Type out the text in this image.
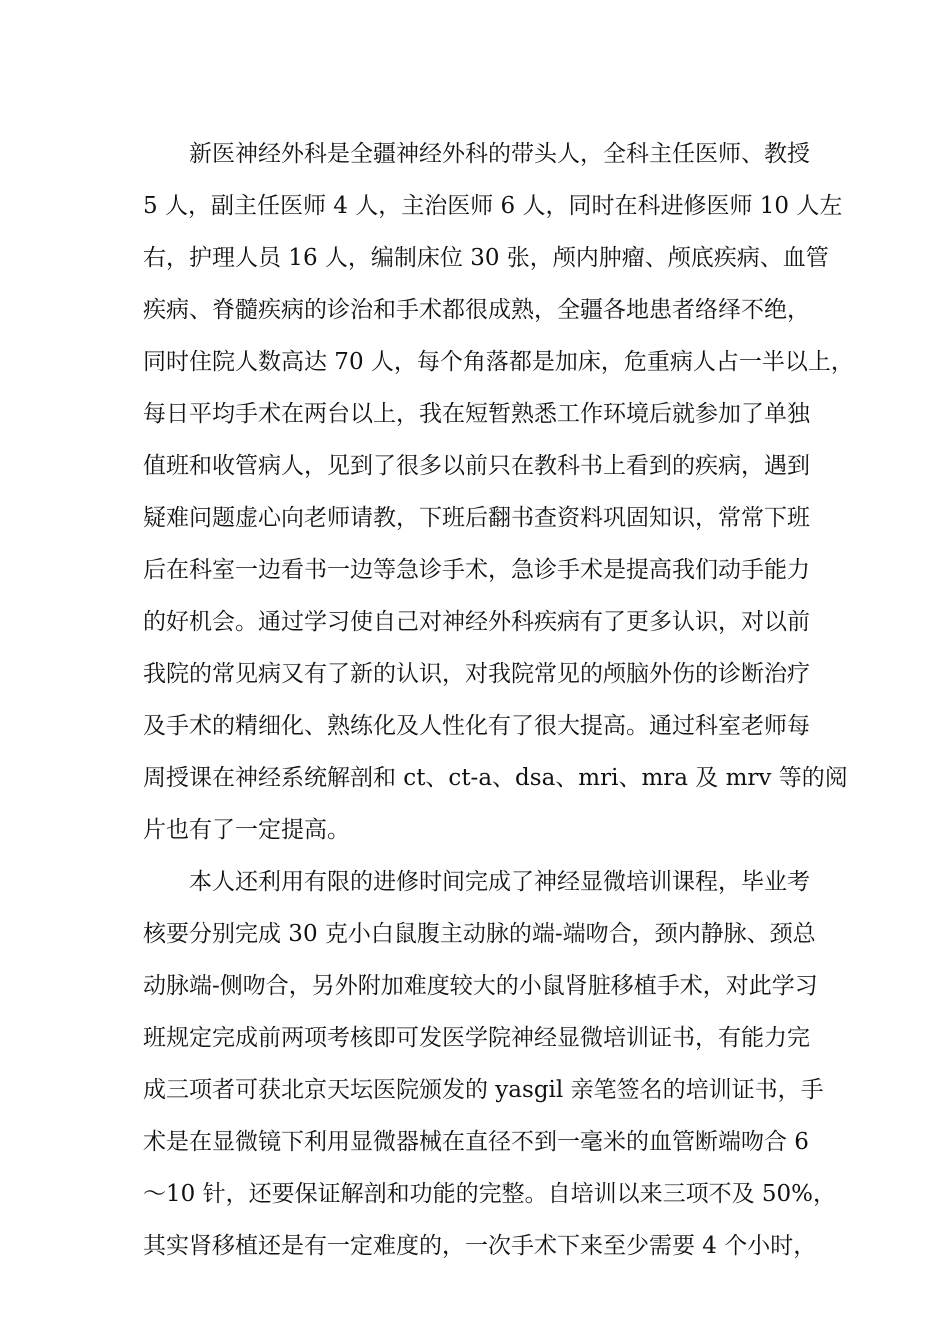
新医神经外科是全疆神经外科的带头人，全科主任医师、教授
5 人，副主任医师 4 人，主治医师 6 人，同时在科进修医师 10 人左
右，护理人员 16 人，编制床位 30 张，颅内肿瘤、颅底疾病、血管
疾病、脊髓疾病的诊治和手术都很成熟，全疆各地患者络绎不绝，
同时住院人数高达 70 人，每个角落都是加床，危重病人占一半以上，
每日平均手术在两台以上，我在短暂熟悉工作环境后就参加了单独
值班和收管病人，见到了很多以前只在教科书上看到的疾病，遇到
疑难问题虚心向老师请教，下班后翻书查资料巩固知识，常常下班
后在科室一边看书一边等急诊手术，急诊手术是提高我们动手能力
的好机会。通过学习使自己对神经外科疾病有了更多认识，对以前
我院的常见病又有了新的认识，对我院常见的颅脑外伤的诊断治疗
及手术的精细化、熟练化及人性化有了很大提高。通过科室老师每
周授课在神经系统解剖和 ct、ct-a、dsa、mri、mra 及 mrv 等的阅
片也有了一定提高。
本人还利用有限的进修时间完成了神经显微培训课程，毕业考
核要分别完成 30 克小白鼠腹主动脉的端-端吻合，颈内静脉、颈总
动脉端-侧吻合，另外附加难度较大的小鼠肾脏移植手术，对此学习
班规定完成前两项考核即可发医学院神经显微培训证书，有能力完
成三项者可获北京天坛医院颁发的 yasgil 亲笔签名的培训证书，手
术是在显微镜下利用显微器械在直径不到一毫米的血管断端吻合 6
～10 针，还要保证解剖和功能的完整。自培训以来三项不及 50%，
其实肾移植还是有一定难度的，一次手术下来至少需要 4 个小时，
